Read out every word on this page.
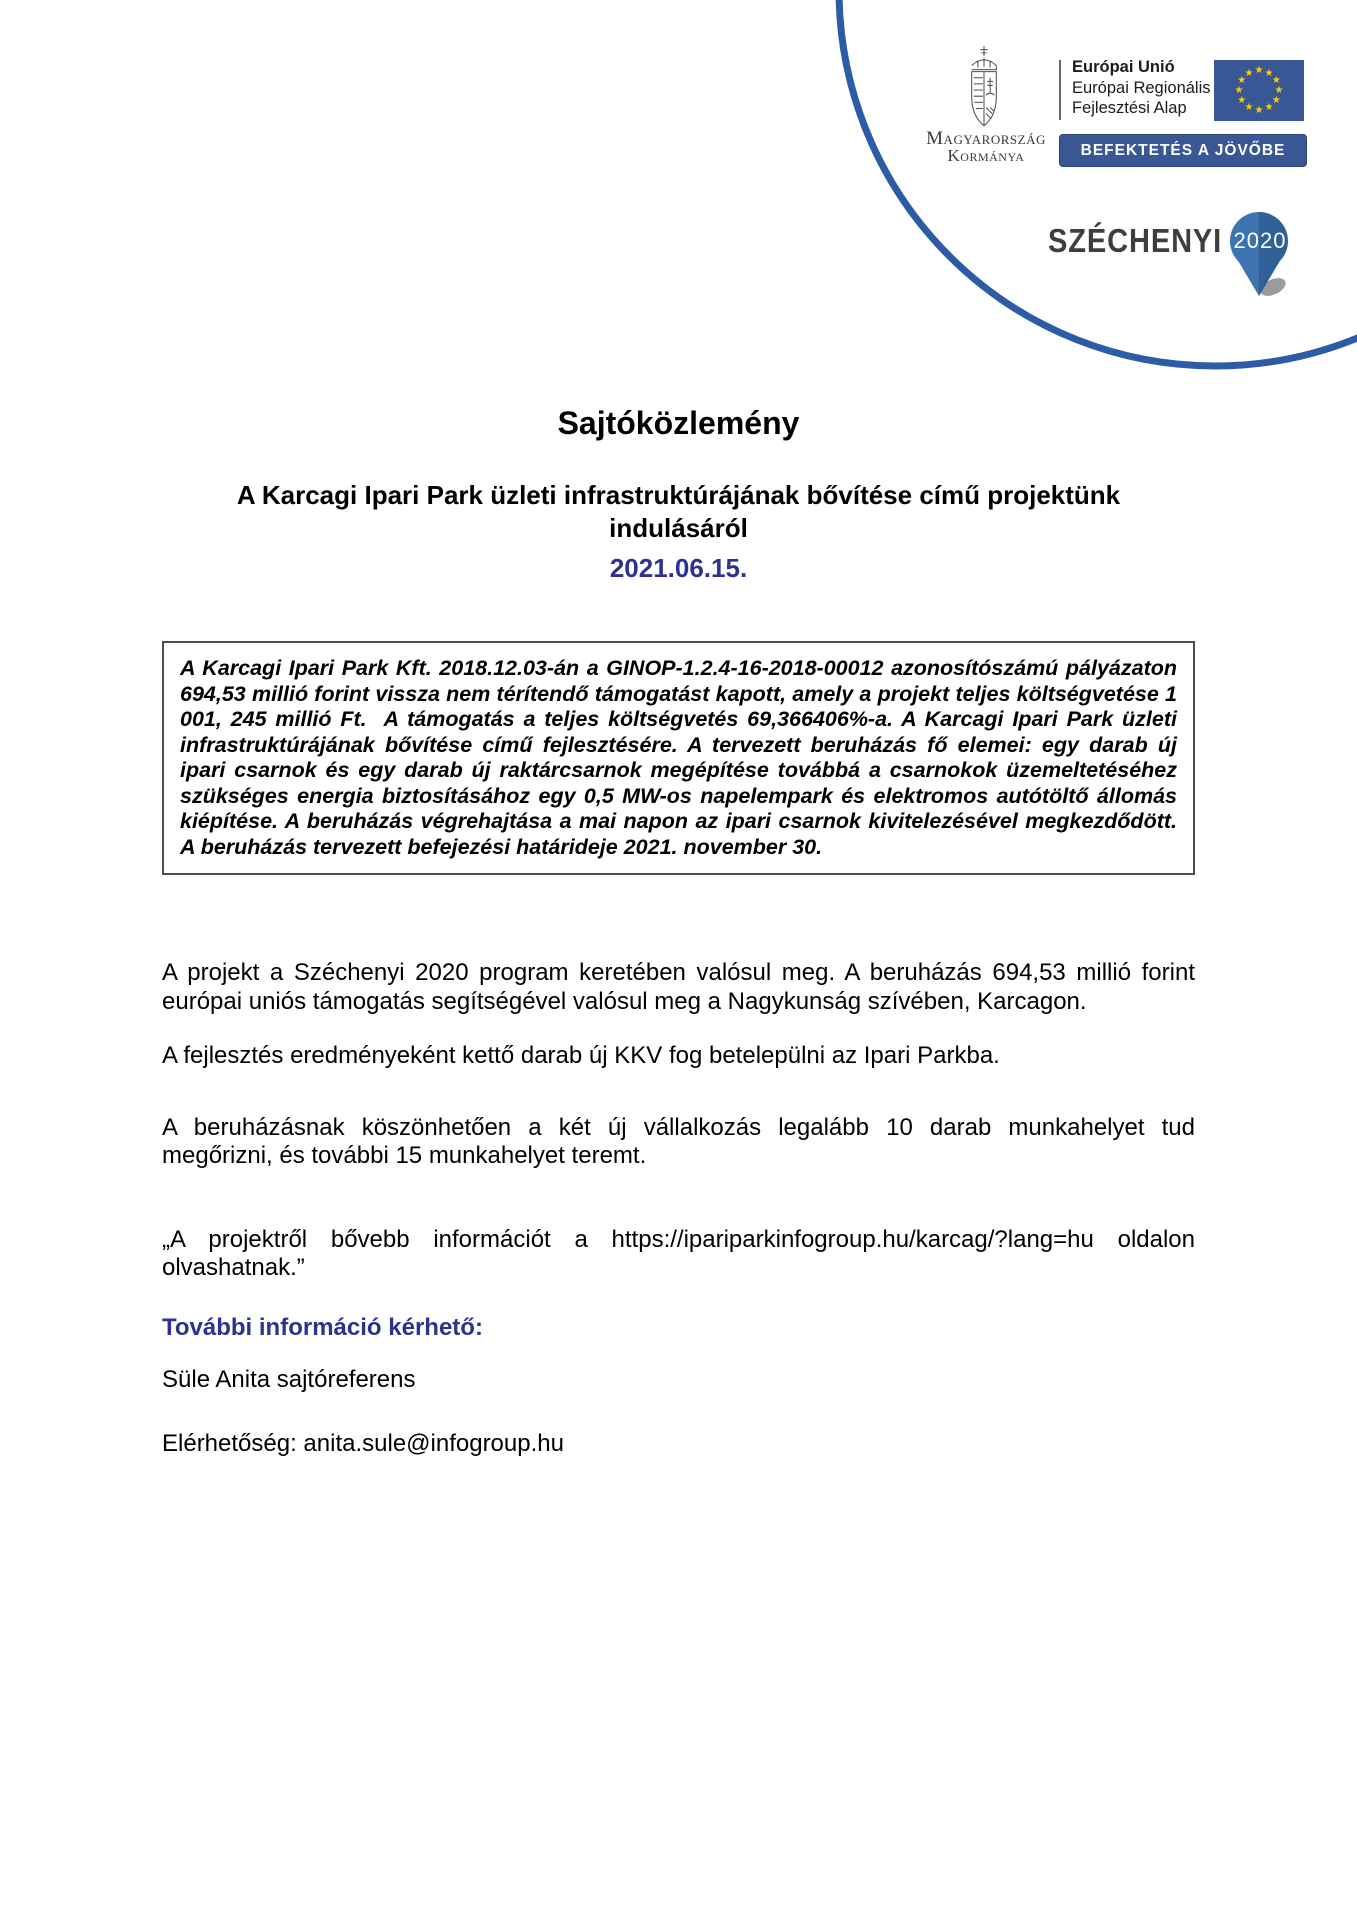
Magyarország
Kormánya
Európai Unió
Európai Regionális
Fejlesztési Alap
★ ★
★
★
★
★
★
★
★
★
★
★
BEFEKTETÉS A JÖVŐBE
SZÉCHENYI 2020
Sajtóközlemény
A Karcagi Ipari Park üzleti infrastruktúrájának bővítése című projektünk indulásáról
2021.06.15.
A Karcagi Ipari Park Kft. 2018.12.03-án a GINOP-1.2.4-16-2018-00012 azonosítószámú pályázaton 694,53 millió forint vissza nem térítendő támogatást kapott, amely a projekt teljes költségvetése 1 001, 245 millió Ft.  A támogatás a teljes költségvetés 69,366406%-a. A Karcagi Ipari Park üzleti infrastruktúrájának bővítése című fejlesztésére. A tervezett beruházás fő elemei: egy darab új ipari csarnok és egy darab új raktárcsarnok megépítése továbbá a csarnokok üzemeltetéséhez szükséges energia biztosításához egy 0,5 MW-os napelempark és elektromos autótöltő állomás kiépítése. A beruházás végrehajtása a mai napon az ipari csarnok kivitelezésével megkezdődött. A beruházás tervezett befejezési határideje 2021. november 30.

A projekt a Széchenyi 2020 program keretében valósul meg. A beruházás 694,53 millió forint európai uniós támogatás segítségével valósul meg a Nagykunság szívében, Karcagon.

A fejlesztés eredményeként kettő darab új KKV fog betelepülni az Ipari Parkba.

A beruházásnak köszönhetően a két új vállalkozás legalább 10 darab munkahelyet tud megőrizni, és további 15 munkahelyet teremt.

„A projektről bővebb információt a https://ipariparkinfogroup.hu/karcag/?lang=hu oldalon olvashatnak.”

További információ kérhető:
Süle Anita sajtóreferens
Elérhetőség: anita.sule@infogroup.hu
